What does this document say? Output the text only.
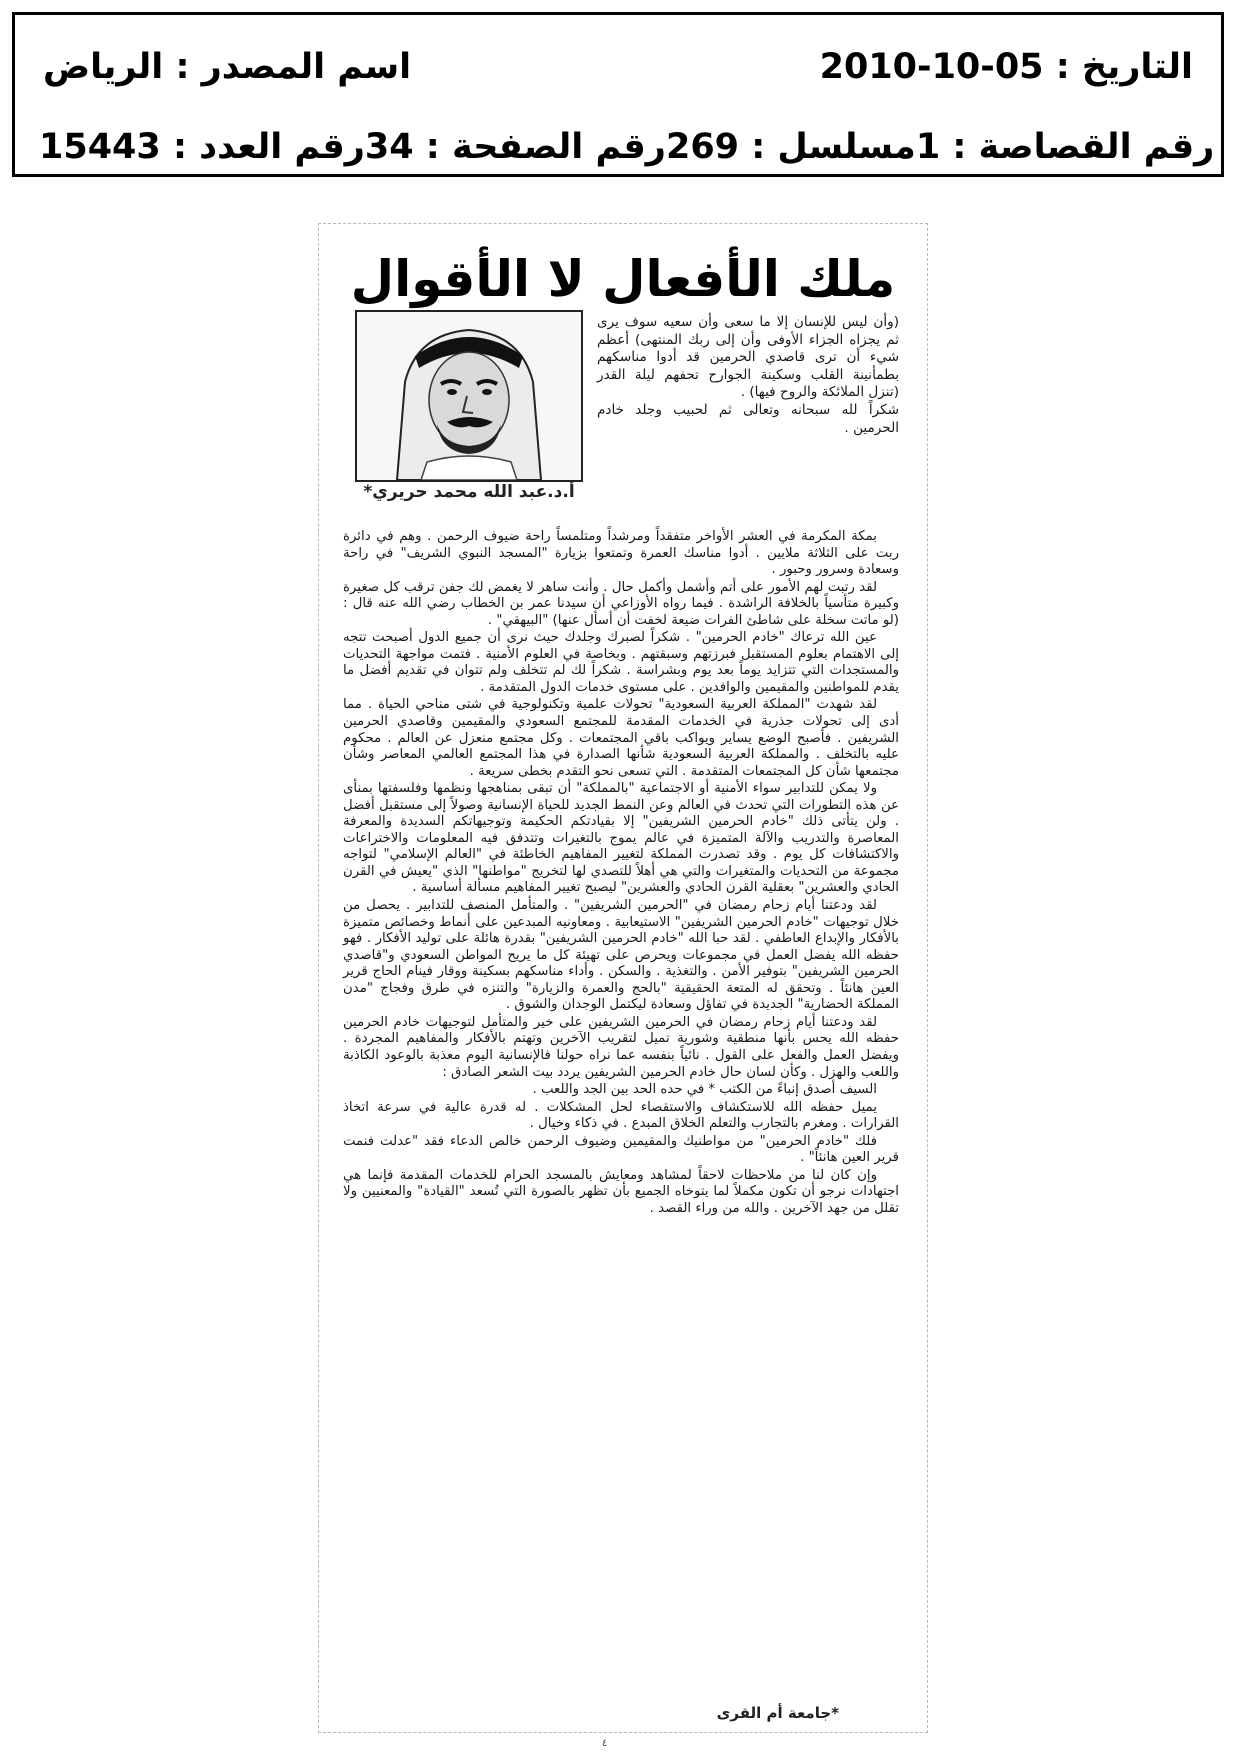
اسم المصدر : الرياض	التاريخ : 05-10-2010
رقم العدد : 15443 رقم الصفحة : 34 مسلسل : 269 رقم القصاصة : 1
ملك الأفعال لا الأقوال
أ.د.عبد الله محمد حريري*

(وأن ليس للإنسان إلا ما سعى وأن سعيه سوف يرى ثم يجزاه الجزاء الأوفى وأن إلى ربك المنتهى) أعظم شيء أن ترى قاصدي الحرمين قد أدوا مناسكهم بطمأنينة القلب وسكينة الجوارح تحفهم ليلة القدر (تنزل الملائكة والروح فيها) .

شكراً لله سبحانه وتعالى ثم لحبيب وجلد خادم الحرمين .

بمكة المكرمة في العشر الأواخر متفقداً ومرشداً ومتلمساً راحة ضيوف الرحمن . وهم في دائرة ربت على الثلاثة ملايين . أدوا مناسك العمرة وتمتعوا بزيارة "المسجد النبوي الشريف" في راحة وسعادة وسرور وحبور .

لقد رتبت لهم الأمور على أتم وأشمل وأكمل حال . وأنت ساهر لا يغمض لك جفن ترقب كل صغيرة وكبيرة متأسياً بالخلافة الراشدة . فيما رواه الأوزاعي أن سيدنا عمر بن الخطاب رضي الله عنه قال : (لو ماتت سخلة على شاطئ الفرات ضيعة لخفت أن أسأل عنها) "البيهقي" .

عين الله ترعاك "خادم الحرمين" . شكراً لصبرك وجلدك حيث نرى أن جميع الدول أصبحت تتجه إلى الاهتمام بعلوم المستقبل فبرزتهم وسبقتهم . وبخاصة في العلوم الأمنية . فتمت مواجهة التحديات والمستجدات التي تتزايد يوماً بعد يوم وبشراسة . شكراً لك لم تتخلف ولم تتوان في تقديم أفضل ما يقدم للمواطنين والمقيمين والوافدين . على مستوى خدمات الدول المتقدمة .

لقد شهدت "المملكة العربية السعودية" تحولات علمية وتكنولوجية في شتى مناحي الحياة . مما أدى إلى تحولات جذرية في الخدمات المقدمة للمجتمع السعودي والمقيمين وقاصدي الحرمين الشريفين . فأصبح الوضع يساير ويواكب باقي المجتمعات . وكل مجتمع منعزل عن العالم . محكوم عليه بالتخلف . والمملكة العربية السعودية شأنها الصدارة في هذا المجتمع العالمي المعاصر وشأن مجتمعها شأن كل المجتمعات المتقدمة . التي تسعى نحو التقدم بخطى سريعة .

ولا يمكن للتدابير سواء الأمنية أو الاجتماعية "بالمملكة" أن تبقى بمناهجها ونظمها وفلسفتها بمنأى عن هذه التطورات التي تحدث في العالم وعن النمط الجديد للحياة الإنسانية وصولاً إلى مستقبل أفضل . ولن يتأتى ذلك "خادم الحرمين الشريفين" إلا بقيادتكم الحكيمة وتوجيهاتكم السديدة والمعرفة المعاصرة والتدريب والآلة المتميزة في عالم يموج بالتغيرات وتتدفق فيه المعلومات والاختراعات والاكتشافات كل يوم . وقد تصدرت المملكة لتغيير المفاهيم الخاطئة في "العالم الإسلامي" لتواجه مجموعة من التحديات والمتغيرات والتي هي أهلاً للتصدي لها لتخريج "مواطنها" الذي "يعيش في القرن الحادي والعشرين" بعقلية القرن الحادي والعشرين" ليصبح تغيير المفاهيم مسألة أساسية .

لقد ودعتنا أيام زحام رمضان في "الحرمين الشريفين" . والمتأمل المنصف للتدابير . يحصل من خلال توجيهات "خادم الحرمين الشريفين" الاستيعابية . ومعاونيه المبدعين على أنماط وخصائص متميزة بالأفكار والإبداع العاطفي . لقد حبا الله "خادم الحرمين الشريفين" بقدرة هائلة على توليد الأفكار . فهو حفظه الله يفضل العمل في مجموعات ويحرص على تهيئة كل ما يريح المواطن السعودي و"قاصدي الحرمين الشريفين" بتوفير الأمن . والتغذية . والسكن . وأداء مناسكهم بسكينة ووقار فينام الحاج قرير العين هانئاً . وتحقق له المتعة الحقيقية "بالحج والعمرة والزيارة" والتنزه في طرق وفجاج "مدن المملكة الحضارية" الجديدة في تفاؤل وسعادة ليكتمل الوجدان والشوق .

لقد ودعتنا أيام زحام رمضان في الحرمين الشريفين على خير والمتأمل لتوجيهات خادم الحرمين حفظه الله يحس بأنها منطقية وشورية تميل لتقريب الآخرين وتهتم بالأفكار والمفاهيم المجردة . ويفضل العمل والفعل على القول . نائياً بنفسه عما نراه حولنا فالإنسانية اليوم معذبة بالوعود الكاذبة واللعب والهزل . وكأن لسان حال خادم الحرمين الشريفين يردد بيت الشعر الصادق :

السيف أصدق إنباءً من الكتب * في حده الحد بين الجد واللعب .

يميل حفظه الله للاستكشاف والاستقصاء لحل المشكلات . له قدرة عالية في سرعة اتخاذ القرارات . ومغرم بالتجارب والتعلم الخلاق المبدع . في ذكاء وخيال .

فلك "خادم الحرمين" من مواطنيك والمقيمين وضيوف الرحمن خالص الدعاء فقد "عدلت فنمت قرير العين هانئاً" .

وإن كان لنا من ملاحظات لاحقاً لمشاهد ومعايش بالمسجد الحرام للخدمات المقدمة فإنما هي اجتهادات نرجو أن تكون مكملاً لما يتوخاه الجميع بأن تظهر بالصورة التي تُسعد "القيادة" والمعنيين ولا تقلل من جهد الآخرين . والله من وراء القصد .

*جامعة أم القرى
٤
